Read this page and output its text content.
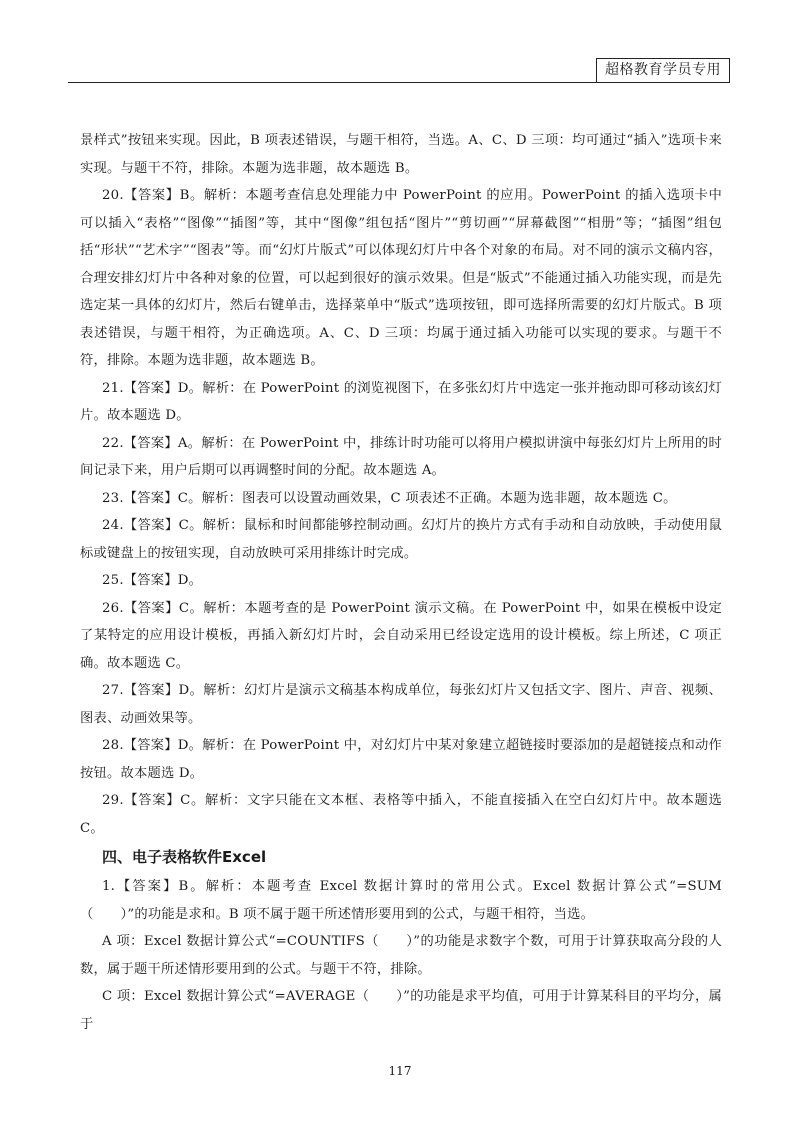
超格教育学员专用

景样式”按钮来实现。因此，B 项表述错误，与题干相符，当选。A、C、D 三项：均可通过“插入”选项卡来实现。与题干不符，排除。本题为选非题，故本题选 B。

20.【答案】B。解析：本题考查信息处理能力中 PowerPoint 的应用。PowerPoint 的插入选项卡中可以插入“表格”“图像”“插图”等，其中“图像”组包括“图片”“剪切画”“屏幕截图”“相册”等；“插图”组包括“形状”“艺术字”“图表”等。而“幻灯片版式”可以体现幻灯片中各个对象的布局。对不同的演示文稿内容，合理安排幻灯片中各种对象的位置，可以起到很好的演示效果。但是“版式”不能通过插入功能实现，而是先选定某一具体的幻灯片，然后右键单击，选择菜单中“版式”选项按钮，即可选择所需要的幻灯片版式。B 项表述错误，与题干相符，为正确选项。A、C、D 三项：均属于通过插入功能可以实现的要求。与题干不符，排除。本题为选非题，故本题选 B。

21.【答案】D。解析：在 PowerPoint 的浏览视图下，在多张幻灯片中选定一张并拖动即可移动该幻灯片。故本题选 D。

22.【答案】A。解析：在 PowerPoint 中，排练计时功能可以将用户模拟讲演中每张幻灯片上所用的时间记录下来，用户后期可以再调整时间的分配。故本题选 A。

23.【答案】C。解析：图表可以设置动画效果，C 项表述不正确。本题为选非题，故本题选 C。

24.【答案】C。解析：鼠标和时间都能够控制动画。幻灯片的换片方式有手动和自动放映，手动使用鼠标或键盘上的按钮实现，自动放映可采用排练计时完成。

25.【答案】D。

26.【答案】C。解析：本题考查的是 PowerPoint 演示文稿。在 PowerPoint 中，如果在模板中设定了某特定的应用设计模板，再插入新幻灯片时，会自动采用已经设定选用的设计模板。综上所述，C 项正确。故本题选 C。

27.【答案】D。解析：幻灯片是演示文稿基本构成单位，每张幻灯片又包括文字、图片、声音、视频、图表、动画效果等。

28.【答案】D。解析：在 PowerPoint 中，对幻灯片中某对象建立超链接时要添加的是超链接点和动作按钮。故本题选 D。

29.【答案】C。解析：文字只能在文本框、表格等中插入，不能直接插入在空白幻灯片中。故本题选 C。

四、电子表格软件Excel

1.【答案】B。解析：本题考查 Excel 数据计算时的常用公式。Excel 数据计算公式“=SUM（　　）”的功能是求和。B 项不属于题干所述情形要用到的公式，与题干相符，当选。

A 项：Excel 数据计算公式“=COUNTIFS（　　）”的功能是求数字个数，可用于计算获取高分段的人数，属于题干所述情形要用到的公式。与题干不符，排除。

C 项：Excel 数据计算公式“=AVERAGE（　　）”的功能是求平均值，可用于计算某科目的平均分，属于

117
